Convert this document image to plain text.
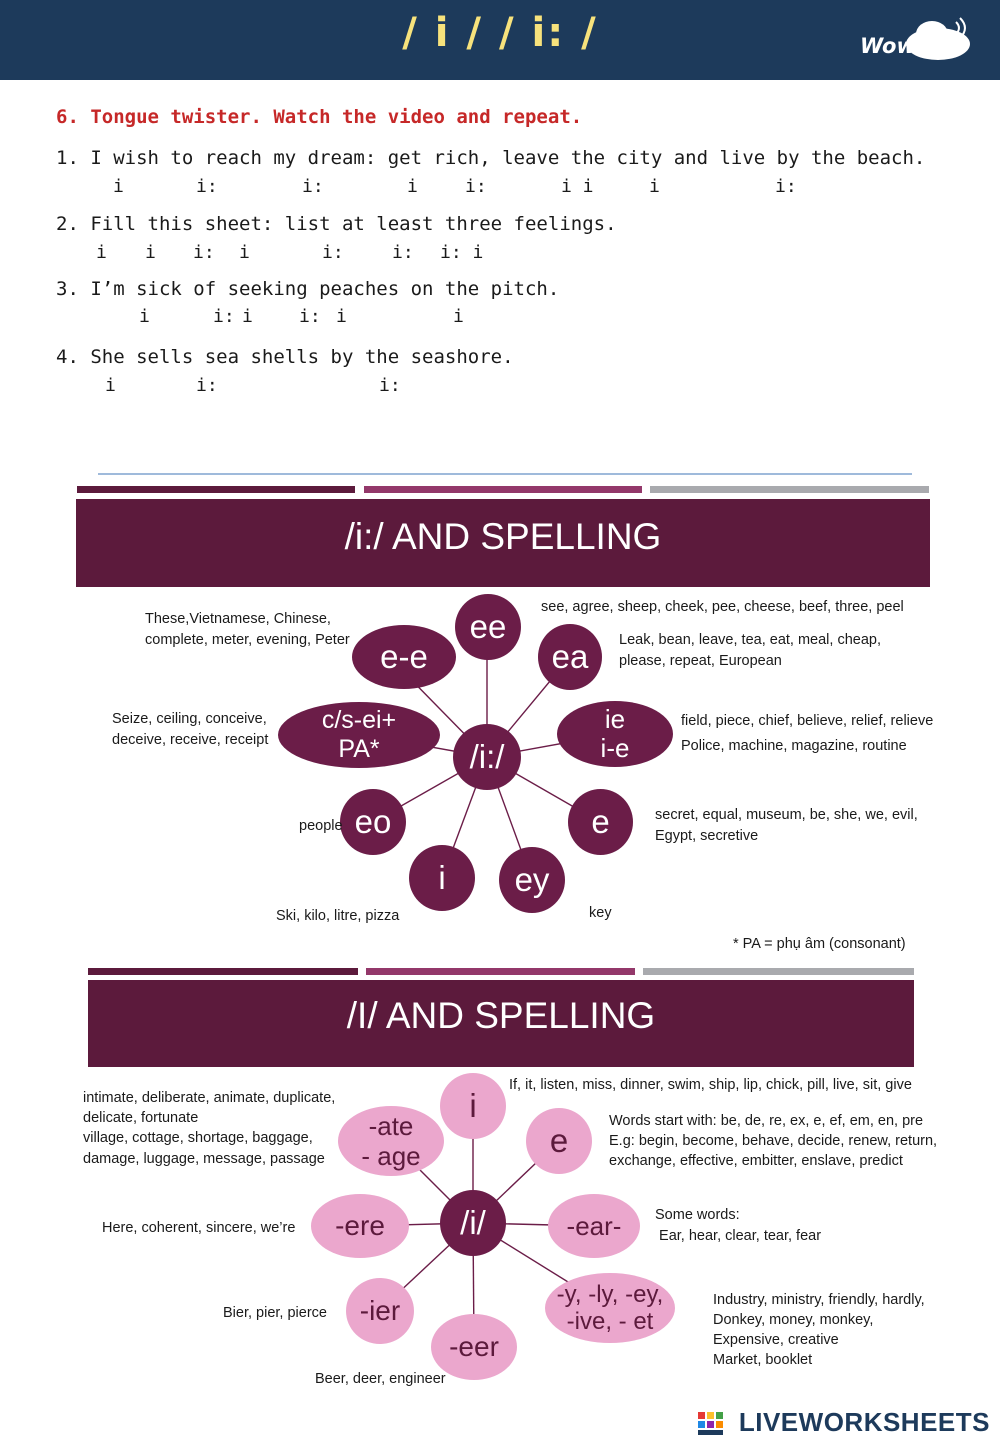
/ i / / i: /	WowSky
6. Tongue twister. Watch the video and repeat.
1. I wish to reach my dream: get rich, leave the city and live by the beach.
i	i:	i:	i	i:	i i	i	i:
2. Fill this sheet: list at least three feelings.
i i i: i	i:	i: i: i
3. I’m sick of seeking peaches on the pitch.
i	i: i	i: i	i
4. She sells sea shells by the seashore.
i	i:	i:
/i:/ AND SPELLING
/i:/
ee
ea
ie
i-e
e
ey
i
eo
c/s-ei+
PA*
e-e
see, agree, sheep, cheek, pee, cheese, beef, three, peel
Leak, bean, leave, tea, eat, meal, cheap,
please, repeat, European
field, piece, chief, believe, relief, relieve
Police, machine, magazine, routine
secret, equal, museum, be, she, we, evil,
Egypt, secretive
key
Ski, kilo, litre, pizza
people
Seize, ceiling, conceive,
deceive, receive, receipt
These,Vietnamese, Chinese,
complete, meter, evening, Peter
* PA = phụ âm (consonant)
/I/ AND SPELLING
/i/
i
e
-ear-
-y, -ly, -ey,
-ive, - et
-eer
-ier
-ere
-ate
- age
If, it, listen, miss, dinner, swim, ship, lip, chick, pill, live, sit, give
Words start with: be, de, re, ex, e, ef, em, en, pre
E.g: begin, become, behave, decide, renew, return,
exchange, effective, embitter, enslave, predict
Some words:
Ear, hear, clear, tear, fear
Industry, ministry, friendly, hardly,
Donkey, money, monkey,
Expensive, creative
Market, booklet
Beer, deer, engineer
Bier, pier, pierce
Here, coherent, sincere, we’re
intimate, deliberate, animate, duplicate,
delicate, fortunate
village, cottage, shortage, baggage,
damage, luggage, message, passage
LIVEWORKSHEETS
